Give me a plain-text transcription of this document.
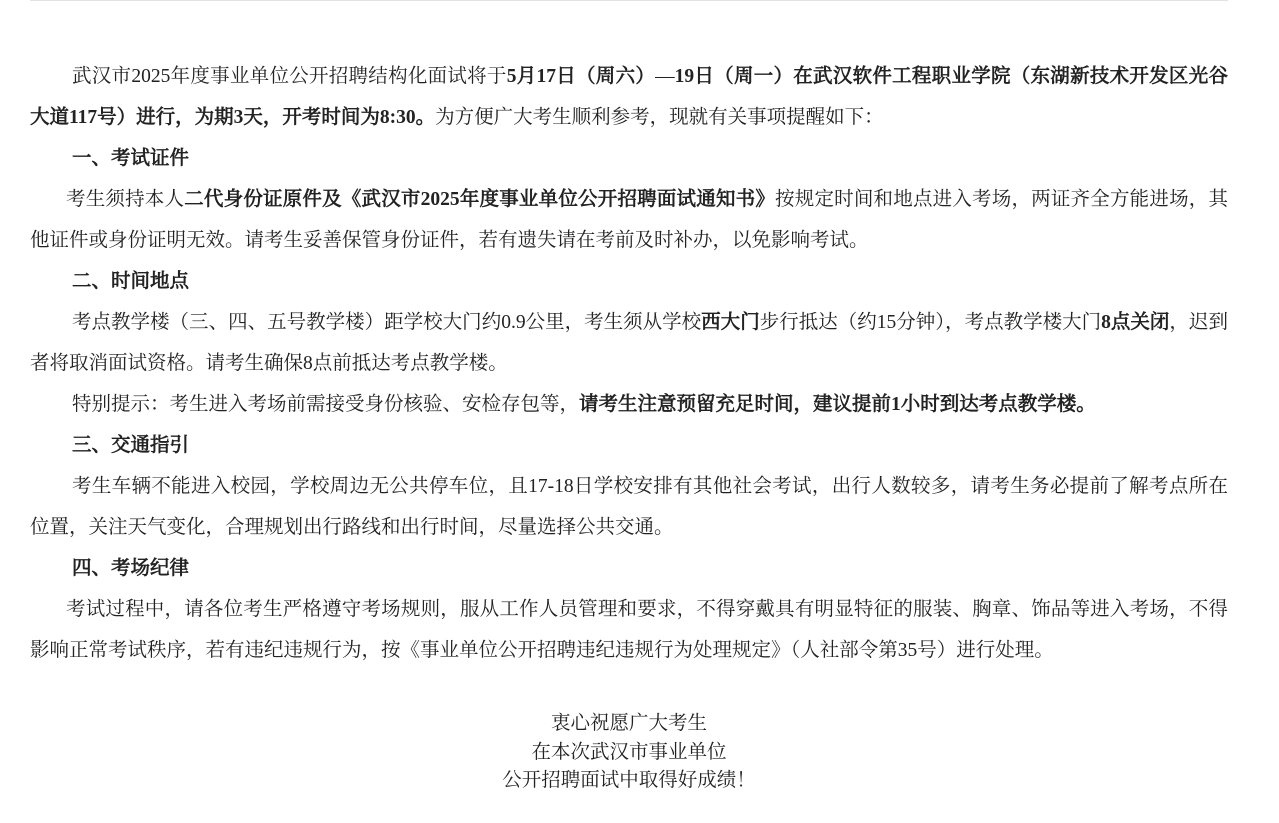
武汉市2025年度事业单位公开招聘结构化面试将于5月17日（周六）—19日（周一）在武汉软件工程职业学院（东湖新技术开发区光谷大道117号）进行，为期3天，开考时间为8:30。为方便广大考生顺利参考，现就有关事项提醒如下：

一、考试证件

考生须持本人二代身份证原件及《武汉市2025年度事业单位公开招聘面试通知书》按规定时间和地点进入考场，两证齐全方能进场，其他证件或身份证明无效。请考生妥善保管身份证件，若有遗失请在考前及时补办，以免影响考试。

二、时间地点

考点教学楼（三、四、五号教学楼）距学校大门约0.9公里，考生须从学校西大门步行抵达（约15分钟），考点教学楼大门8点关闭，迟到者将取消面试资格。请考生确保8点前抵达考点教学楼。

特别提示：考生进入考场前需接受身份核验、安检存包等，请考生注意预留充足时间，建议提前1小时到达考点教学楼。

三、交通指引

考生车辆不能进入校园，学校周边无公共停车位，且17-18日学校安排有其他社会考试，出行人数较多，请考生务必提前了解考点所在位置，关注天气变化，合理规划出行路线和出行时间，尽量选择公共交通。

四、考场纪律

考试过程中，请各位考生严格遵守考场规则，服从工作人员管理和要求，不得穿戴具有明显特征的服装、胸章、饰品等进入考场，不得影响正常考试秩序，若有违纪违规行为，按《事业单位公开招聘违纪违规行为处理规定》（人社部令第35号）进行处理。

衷心祝愿广大考生
在本次武汉市事业单位
公开招聘面试中取得好成绩！
